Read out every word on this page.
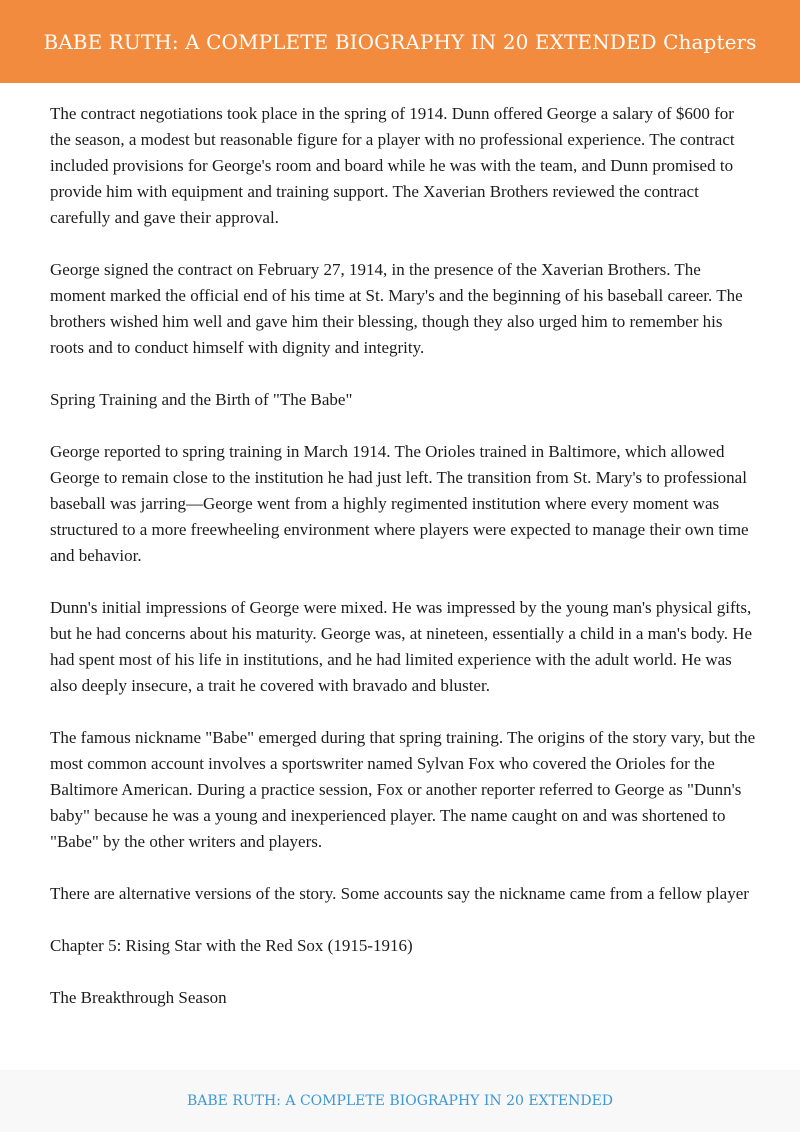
BABE RUTH: A COMPLETE BIOGRAPHY IN 20 EXTENDED Chapters

The contract negotiations took place in the spring of 1914. Dunn offered George a salary of $600 for the season, a modest but reasonable figure for a player with no professional experience. The contract included provisions for George's room and board while he was with the team, and Dunn promised to provide him with equipment and training support. The Xaverian Brothers reviewed the contract carefully and gave their approval.

George signed the contract on February 27, 1914, in the presence of the Xaverian Brothers. The moment marked the official end of his time at St. Mary's and the beginning of his baseball career. The brothers wished him well and gave him their blessing, though they also urged him to remember his roots and to conduct himself with dignity and integrity.

Spring Training and the Birth of "The Babe"

George reported to spring training in March 1914. The Orioles trained in Baltimore, which allowed George to remain close to the institution he had just left. The transition from St. Mary's to professional baseball was jarring—George went from a highly regimented institution where every moment was structured to a more freewheeling environment where players were expected to manage their own time and behavior.

Dunn's initial impressions of George were mixed. He was impressed by the young man's physical gifts, but he had concerns about his maturity. George was, at nineteen, essentially a child in a man's body. He had spent most of his life in institutions, and he had limited experience with the adult world. He was also deeply insecure, a trait he covered with bravado and bluster.

The famous nickname "Babe" emerged during that spring training. The origins of the story vary, but the most common account involves a sportswriter named Sylvan Fox who covered the Orioles for the Baltimore American. During a practice session, Fox or another reporter referred to George as "Dunn's baby" because he was a young and inexperienced player. The name caught on and was shortened to "Babe" by the other writers and players.

There are alternative versions of the story. Some accounts say the nickname came from a fellow player

Chapter 5: Rising Star with the Red Sox (1915-1916)

The Breakthrough Season

BABE RUTH: A COMPLETE BIOGRAPHY IN 20 EXTENDED
